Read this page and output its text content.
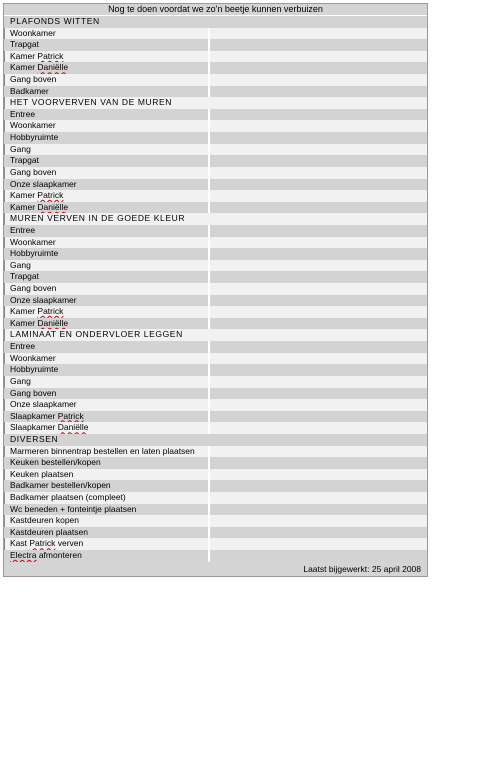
Nog te doen voordat we zo'n beetje kunnen verbuizen
PLAFONDS WITTEN
Woonkamer
Trapgat
Kamer Patrick
Kamer Daniëlle
Gang boven
Badkamer
HET VOORVERVEN VAN DE MUREN
Entree
Woonkamer
Hobbyruimte
Gang
Trapgat
Gang boven
Onze slaapkamer
Kamer Patrick
Kamer Daniëlle
MUREN VERVEN IN DE GOEDE KLEUR
Entree
Woonkamer
Hobbyruimte
Gang
Trapgat
Gang boven
Onze slaapkamer
Kamer Patrick
Kamer Daniëlle
LAMINAAT EN ONDERVLOER LEGGEN
Entree
Woonkamer
Hobbyruimte
Gang
Gang boven
Onze slaapkamer
Slaapkamer Patrick
Slaapkamer Daniëlle
DIVERSEN
Marmeren binnentrap bestellen en laten plaatsen
Keuken bestellen/kopen
Keuken plaatsen
Badkamer bestellen/kopen
Badkamer plaatsen (compleet)
Wc beneden + fonteintje plaatsen
Kastdeuren kopen
Kastdeuren plaatsen
Kast Patrick verven
Electra afmonteren
Laatst bijgewerkt: 25 april 2008
